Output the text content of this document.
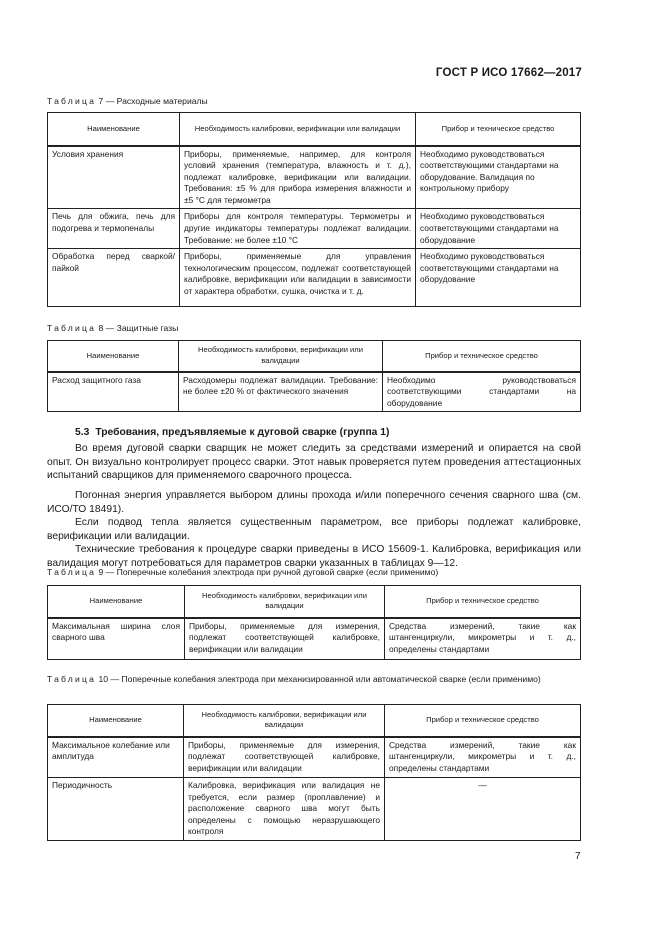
ГОСТ Р ИСО 17662—2017
Таблица 7 — Расходные материалы
Наименование	Необходимость калибровки, верификации или валидации	Прибор и техническое средство
Условия хранения	Приборы, применяемые, например, для контроля условий хранения (температура, влажность и т. д.), подлежат калибровке, верификации или валидации. Требования: ±5 % для прибора измерения влажности и ±5 °С для термометра	Необходимо руководствоваться соответствующими стандартами на оборудование. Валидация по контрольному прибору
Печь для обжига, печь для подогрева и термопеналы	Приборы для контроля температуры. Термометры и другие индикаторы температуры подлежат валидации. Требование: не более ±10 °С	Необходимо руководствоваться соответствующими стандартами на оборудование
Обработка перед сваркой/пайкой	Приборы, применяемые для управления технологическим процессом, подлежат соответствующей калибровке, верификации или валидации в зависимости от характера обработки, сушка, очистка и т. д.	Необходимо руководствоваться соответствующими стандартами на оборудование
Таблица 8 — Защитные газы
Наименование	Необходимость калибровки, верификации или валидации	Прибор и техническое средство
Расход защитного газа	Расходомеры подлежат валидации. Требование: не более ±20 % от фактического значения	Необходимо руководствоваться соответствующими стандартами на оборудование
5.3 Требования, предъявляемые к дуговой сварке (группа 1)

Во время дуговой сварки сварщик не может следить за средствами измерений и опирается на свой опыт. Он визуально контролирует процесс сварки. Этот навык проверяется путем проведения аттестационных испытаний сварщиков для применяемого сварочного процесса.

Погонная энергия управляется выбором длины прохода и/или поперечного сечения сварного шва (см. ИСО/ТО 18491).

Если подвод тепла является существенным параметром, все приборы подлежат калибровке, верификации или валидации.

Технические требования к процедуре сварки приведены в ИСО 15609-1. Калибровка, верификация или валидация могут потребоваться для параметров сварки указанных в таблицах 9—12.

Таблица 9 — Поперечные колебания электрода при ручной дуговой сварке (если применимо)
Наименование	Необходимость калибровки, верификации или валидации	Прибор и техническое средство
Максимальная ширина слоя сварного шва	Приборы, применяемые для измерения, подлежат соответствующей калибровке, верификации или валидации	Средства измерений, такие как штангенциркули, микрометры и т. д., определены стандартами
Таблица 10 — Поперечные колебания электрода при механизированной или автоматической сварке (если применимо)
Наименование	Необходимость калибровки, верификации или валидации	Прибор и техническое средство
Максимальное колебание или амплитуда	Приборы, применяемые для измерения, подлежат соответствующей калибровке, верификации или валидации	Средства измерений, такие как штангенциркули, микрометры и т. д., определены стандартами
Периодичность	Калибровка, верификация или валидация не требуется, если размер (проплавление) и расположение сварного шва могут быть определены с помощью неразрушающего контроля	—
7
